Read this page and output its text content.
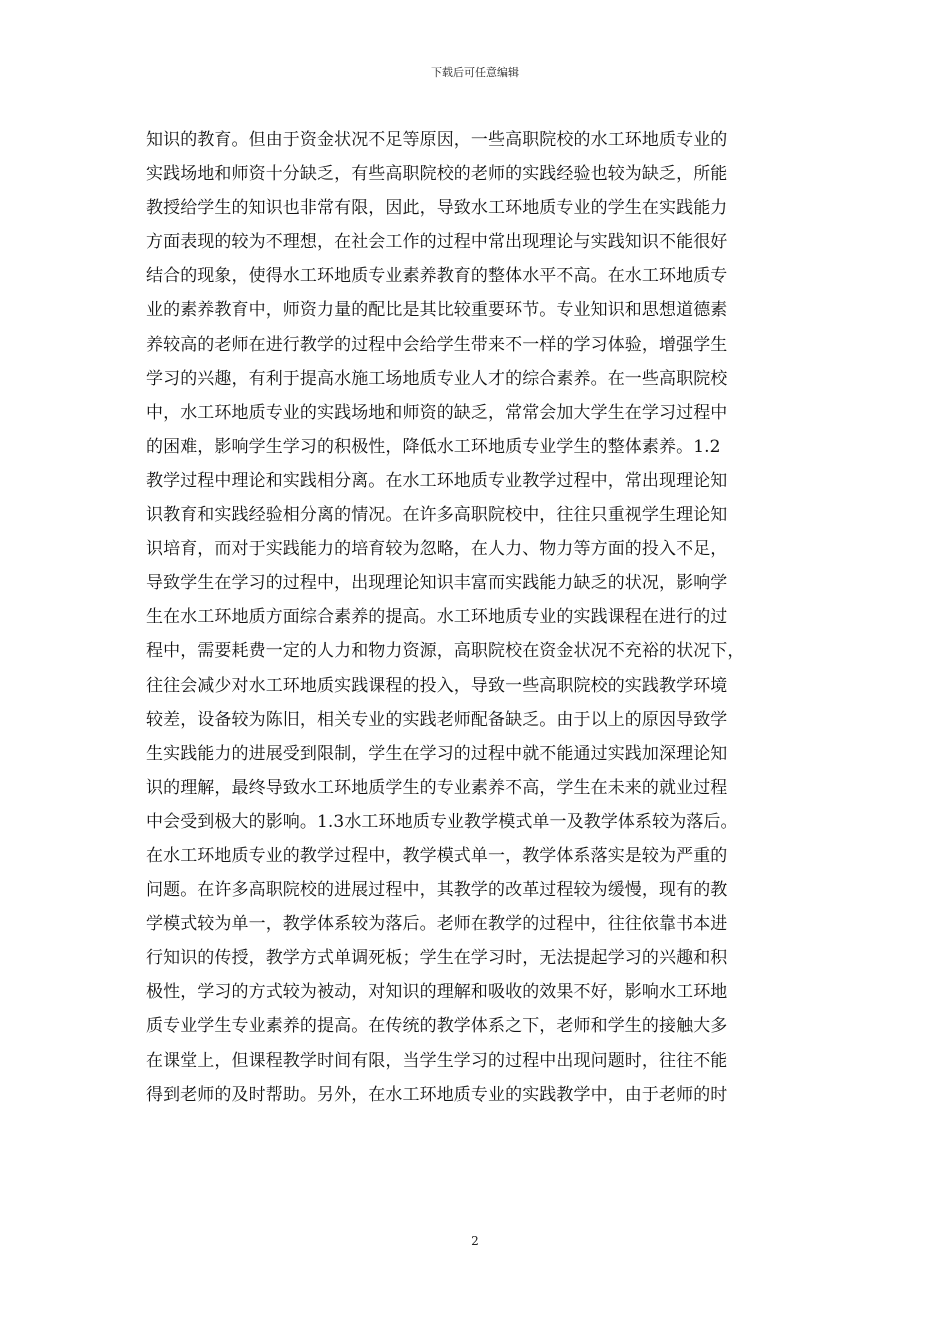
下载后可任意编辑
知识的教育。但由于资金状况不足等原因，一些高职院校的水工环地质专业的
实践场地和师资十分缺乏，有些高职院校的老师的实践经验也较为缺乏，所能
教授给学生的知识也非常有限，因此，导致水工环地质专业的学生在实践能力
方面表现的较为不理想，在社会工作的过程中常出现理论与实践知识不能很好
结合的现象，使得水工环地质专业素养教育的整体水平不高。在水工环地质专
业的素养教育中，师资力量的配比是其比较重要环节。专业知识和思想道德素
养较高的老师在进行教学的过程中会给学生带来不一样的学习体验，增强学生
学习的兴趣，有利于提高水施工场地质专业人才的综合素养。在一些高职院校
中，水工环地质专业的实践场地和师资的缺乏，常常会加大学生在学习过程中
的困难，影响学生学习的积极性，降低水工环地质专业学生的整体素养。1.2
教学过程中理论和实践相分离。在水工环地质专业教学过程中，常出现理论知
识教育和实践经验相分离的情况。在许多高职院校中，往往只重视学生理论知
识培育，而对于实践能力的培育较为忽略，在人力、物力等方面的投入不足，
导致学生在学习的过程中，出现理论知识丰富而实践能力缺乏的状况，影响学
生在水工环地质方面综合素养的提高。水工环地质专业的实践课程在进行的过
程中，需要耗费一定的人力和物力资源，高职院校在资金状况不充裕的状况下，
往往会减少对水工环地质实践课程的投入，导致一些高职院校的实践教学环境
较差，设备较为陈旧，相关专业的实践老师配备缺乏。由于以上的原因导致学
生实践能力的进展受到限制，学生在学习的过程中就不能通过实践加深理论知
识的理解，最终导致水工环地质学生的专业素养不高，学生在未来的就业过程
中会受到极大的影响。1.3水工环地质专业教学模式单一及教学体系较为落后。
在水工环地质专业的教学过程中，教学模式单一，教学体系落实是较为严重的
问题。在许多高职院校的进展过程中，其教学的改革过程较为缓慢，现有的教
学模式较为单一，教学体系较为落后。老师在教学的过程中，往往依靠书本进
行知识的传授，教学方式单调死板；学生在学习时，无法提起学习的兴趣和积
极性，学习的方式较为被动，对知识的理解和吸收的效果不好，影响水工环地
质专业学生专业素养的提高。在传统的教学体系之下，老师和学生的接触大多
在课堂上，但课程教学时间有限，当学生学习的过程中出现问题时，往往不能
得到老师的及时帮助。另外，在水工环地质专业的实践教学中，由于老师的时
2
